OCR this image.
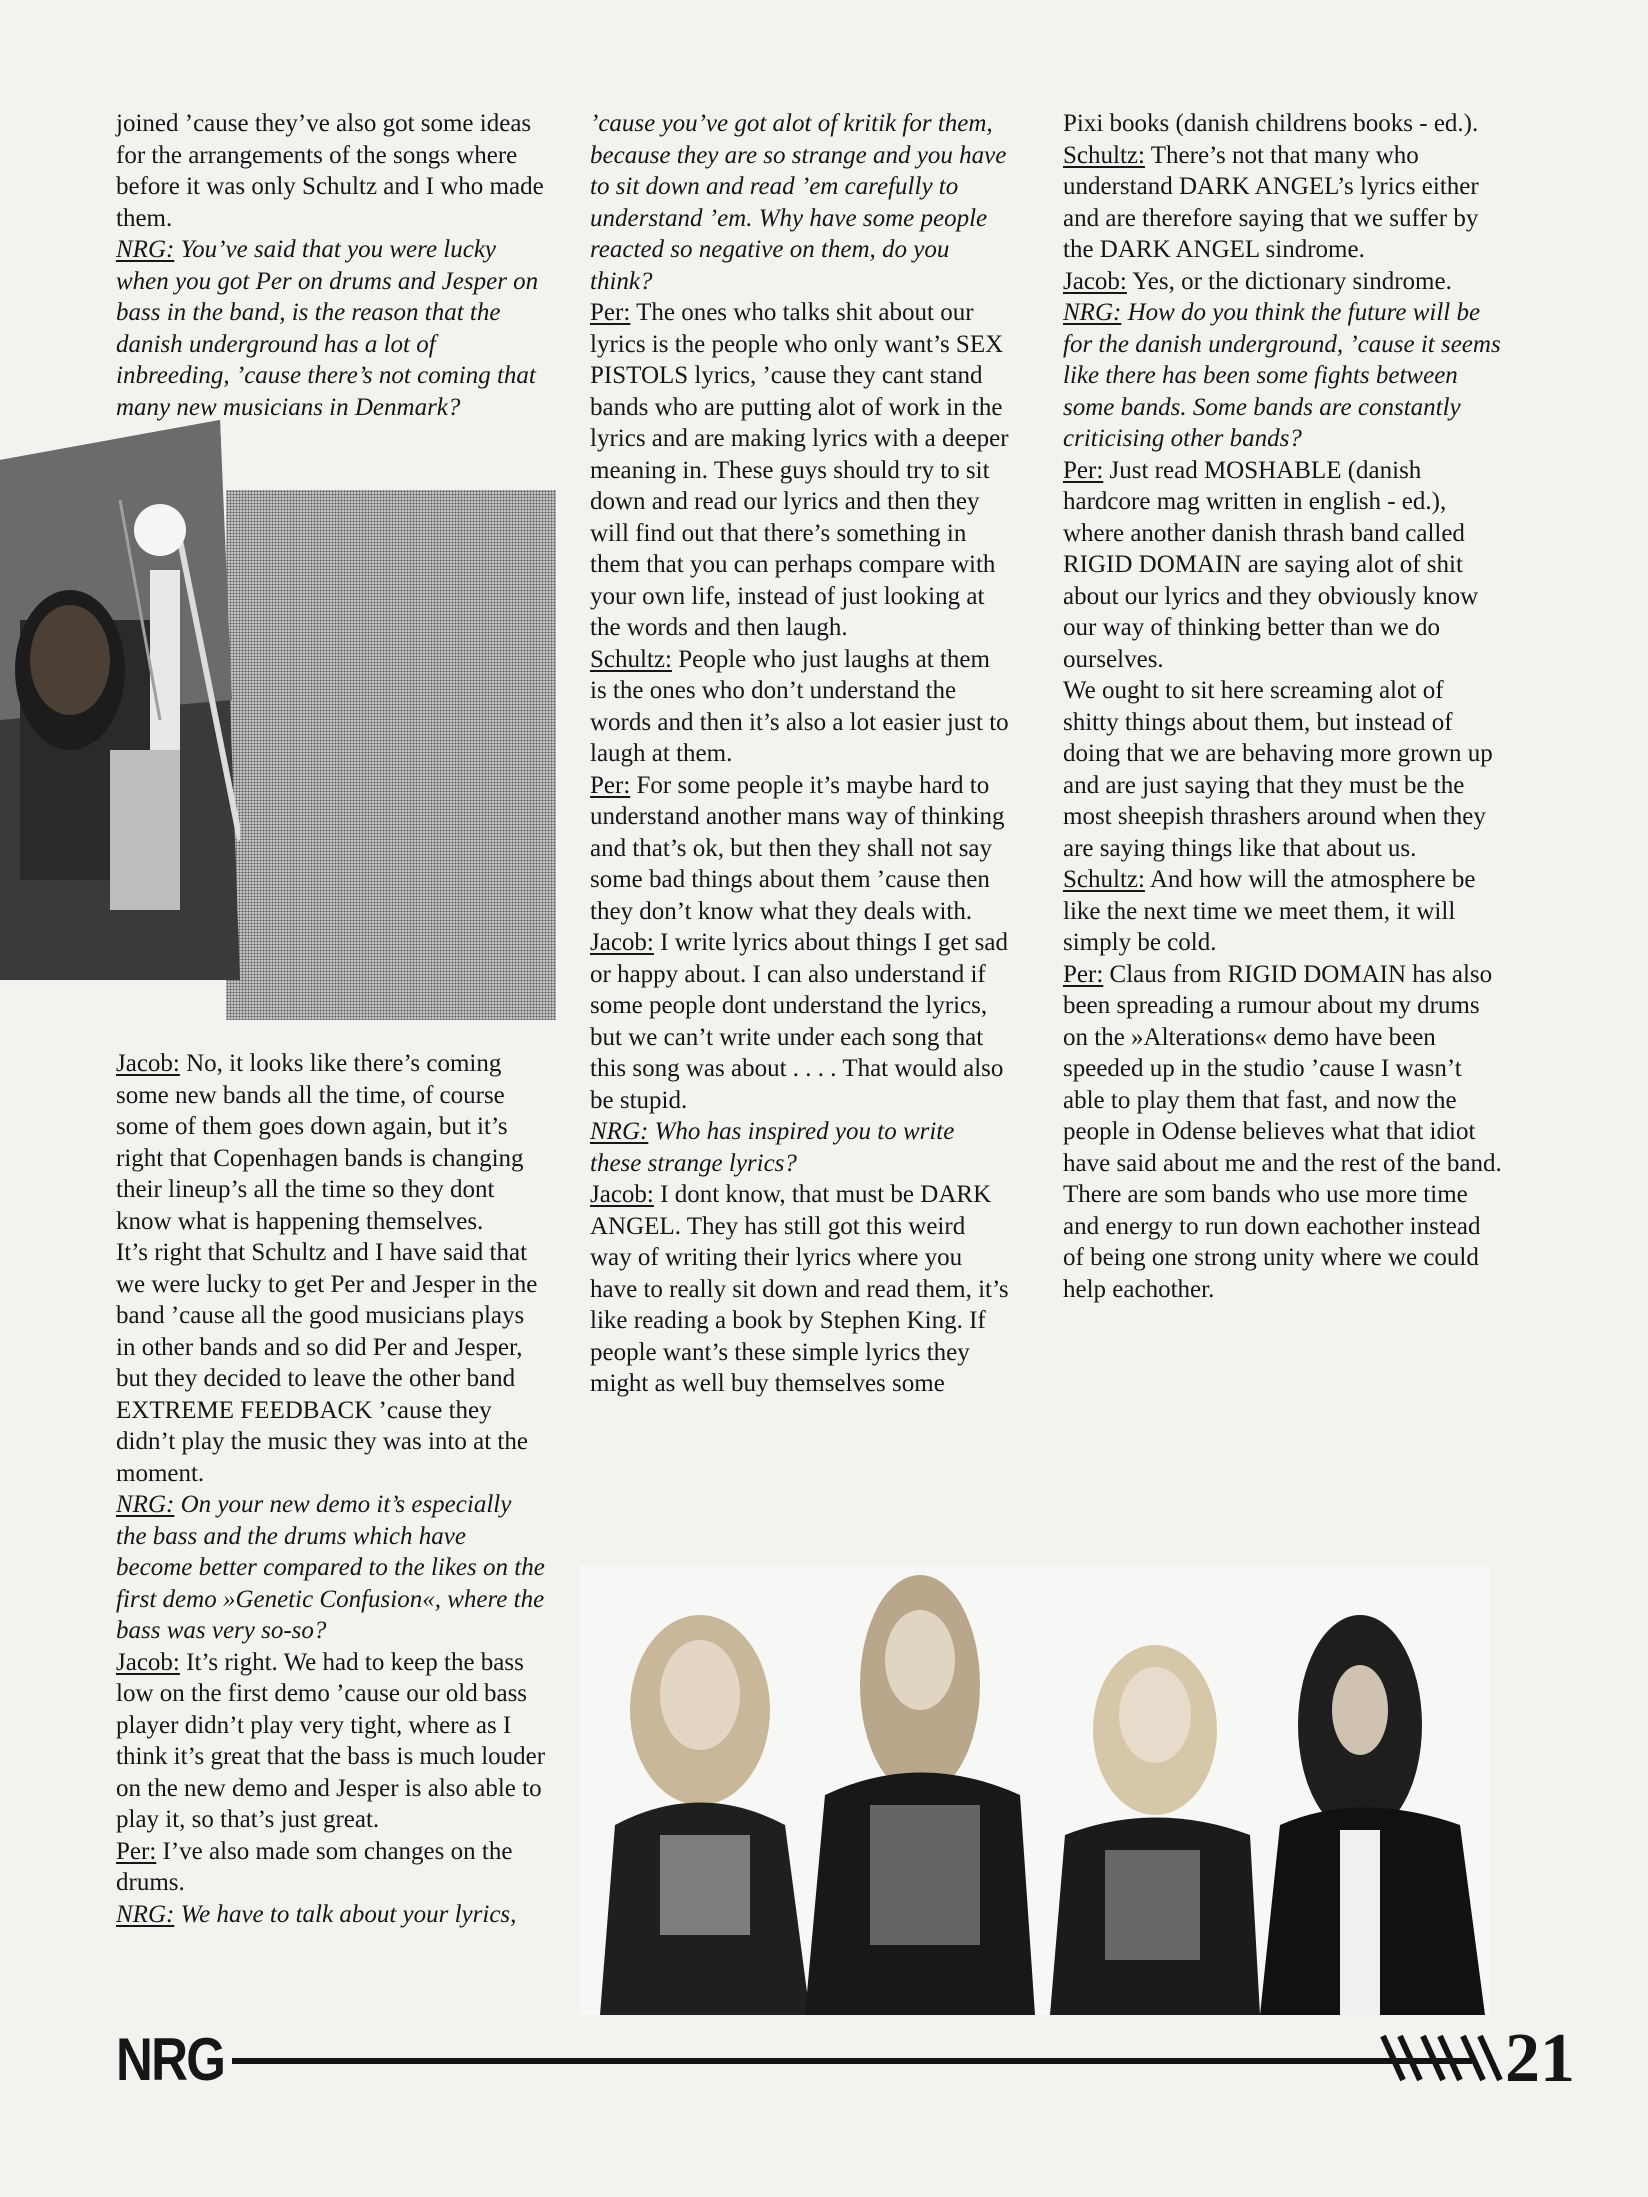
joined ’cause they’ve also got some ideas for the arrangements of the songs where before it was only Schultz and I who made them.

NRG: You’ve said that you were lucky when you got Per on drums and Jesper on bass in the band, is the reason that the danish underground has a lot of inbreeding, ’cause there’s not coming that many new musicians in Denmark?

Jacob: No, it looks like there’s coming some new bands all the time, of course some of them goes down again, but it’s right that Copenhagen bands is changing their lineup’s all the time so they dont know what is happening themselves.

It’s right that Schultz and I have said that we were lucky to get Per and Jesper in the band ’cause all the good musicians plays in other bands and so did Per and Jesper, but they decided to leave the other band EXTREME FEEDBACK ’cause they didn’t play the music they was into at the moment.

NRG: On your new demo it’s especially the bass and the drums which have become better compared to the likes on the first demo »Genetic Confusion«, where the bass was very so-so?

Jacob: It’s right. We had to keep the bass low on the first demo ’cause our old bass player didn’t play very tight, where as I think it’s great that the bass is much louder on the new demo and Jesper is also able to play it, so that’s just great.

Per: I’ve also made som changes on the drums.

NRG: We have to talk about your lyrics,

’cause you’ve got alot of kritik for them, because they are so strange and you have to sit down and read ’em carefully to understand ’em. Why have some people reacted so negative on them, do you think?

Per: The ones who talks shit about our lyrics is the people who only want’s SEX PISTOLS lyrics, ’cause they cant stand bands who are putting alot of work in the lyrics and are making lyrics with a deeper meaning in. These guys should try to sit down and read our lyrics and then they will find out that there’s something in them that you can perhaps compare with your own life, instead of just looking at the words and then laugh.

Schultz: People who just laughs at them is the ones who don’t understand the words and then it’s also a lot easier just to laugh at them.

Per: For some people it’s maybe hard to understand another mans way of thinking and that’s ok, but then they shall not say some bad things about them ’cause then they don’t know what they deals with.

Jacob: I write lyrics about things I get sad or happy about. I can also understand if some people dont understand the lyrics, but we can’t write under each song that this song was about . . . . That would also be stupid.

NRG: Who has inspired you to write these strange lyrics?

Jacob: I dont know, that must be DARK ANGEL. They has still got this weird way of writing their lyrics where you have to really sit down and read them, it’s like reading a book by Stephen King. If people want’s these simple lyrics they might as well buy themselves some

Pixi books (danish childrens books - ed.).

Schultz: There’s not that many who understand DARK ANGEL’s lyrics either and are therefore saying that we suffer by the DARK ANGEL sindrome.

Jacob: Yes, or the dictionary sindrome.

NRG: How do you think the future will be for the danish underground, ’cause it seems like there has been some fights between some bands. Some bands are constantly criticising other bands?

Per: Just read MOSHABLE (danish hardcore mag written in english - ed.), where another danish thrash band called RIGID DOMAIN are saying alot of shit about our lyrics and they obviously know our way of thinking better than we do ourselves.

We ought to sit here screaming alot of shitty things about them, but instead of doing that we are behaving more grown up and are just saying that they must be the most sheepish thrashers around when they are saying things like that about us.

Schultz: And how will the atmosphere be like the next time we meet them, it will simply be cold.

Per: Claus from RIGID DOMAIN has also been spreading a rumour about my drums on the »Alterations« demo have been speeded up in the studio ’cause I wasn’t able to play them that fast, and now the people in Odense believes what that idiot have said about me and the rest of the band.

There are som bands who use more time and energy to run down eachother instead of being one strong unity where we could help eachother.

NRG	21
